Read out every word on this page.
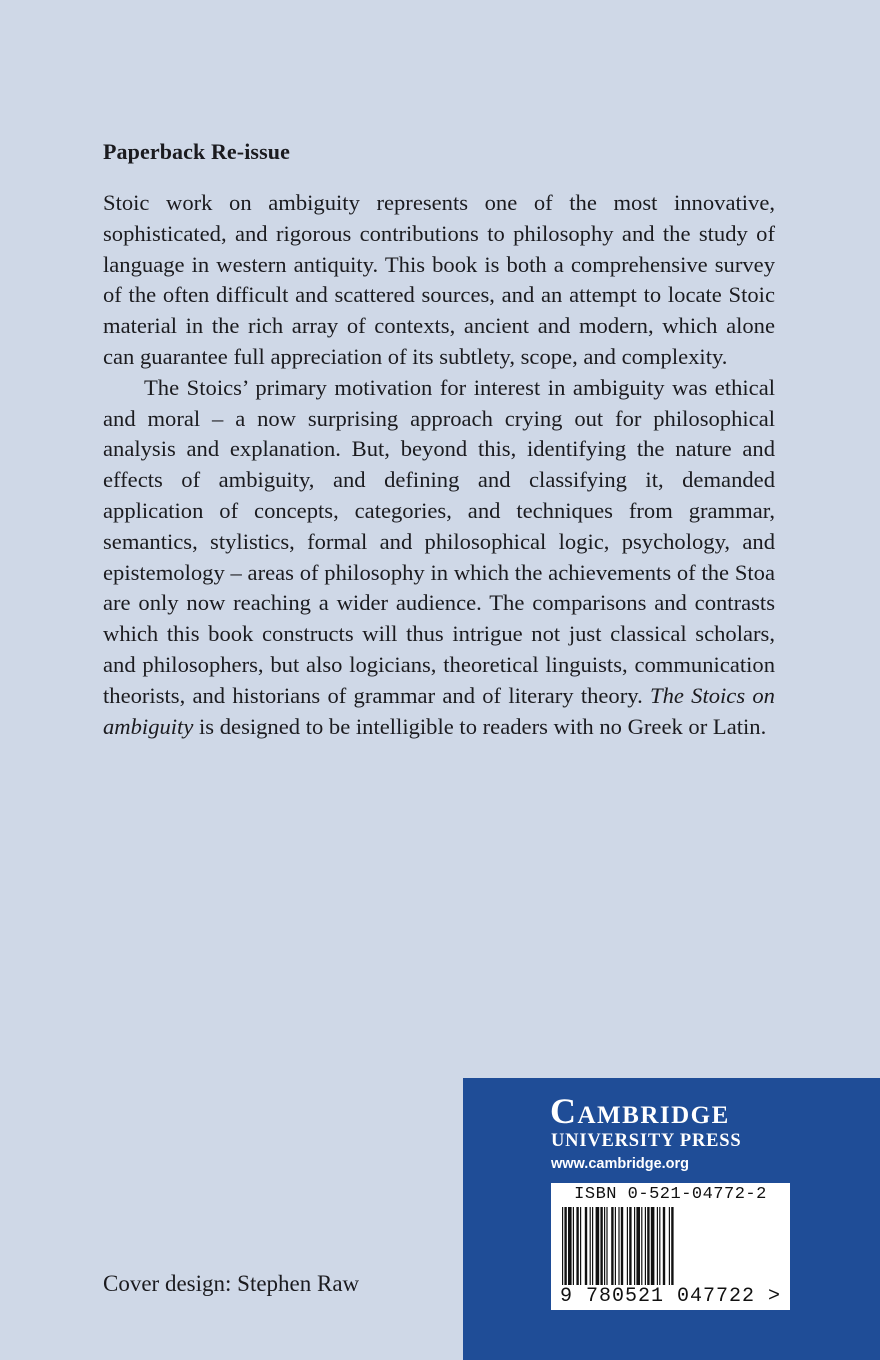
Paperback Re-issue

Stoic work on ambiguity represents one of the most innovative, sophisticated, and rigorous contributions to philosophy and the study of language in western antiquity. This book is both a comprehensive survey of the often difficult and scattered sources, and an attempt to locate Stoic material in the rich array of contexts, ancient and modern, which alone can guarantee full appreciation of its subtlety, scope, and complexity.

The Stoics’ primary motivation for interest in ambiguity was ethical and moral – a now surprising approach crying out for philosophical analysis and explanation. But, beyond this, identifying the nature and effects of ambiguity, and defining and classifying it, demanded application of concepts, categories, and techniques from grammar, semantics, stylistics, formal and philosophical logic, psychology, and epistemology – areas of philosophy in which the achievements of the Stoa are only now reaching a wider audience. The comparisons and contrasts which this book constructs will thus intrigue not just classical scholars, and philosophers, but also logicians, theoretical linguists, communication theorists, and historians of grammar and of literary theory. The Stoics on ambiguity is designed to be intelligible to readers with no Greek or Latin.

Cover design: Stephen Raw
Cambridge
UNIVERSITY PRESS
www.cambridge.org
ISBN 0-521-04772-2
9 780521 047722 >
